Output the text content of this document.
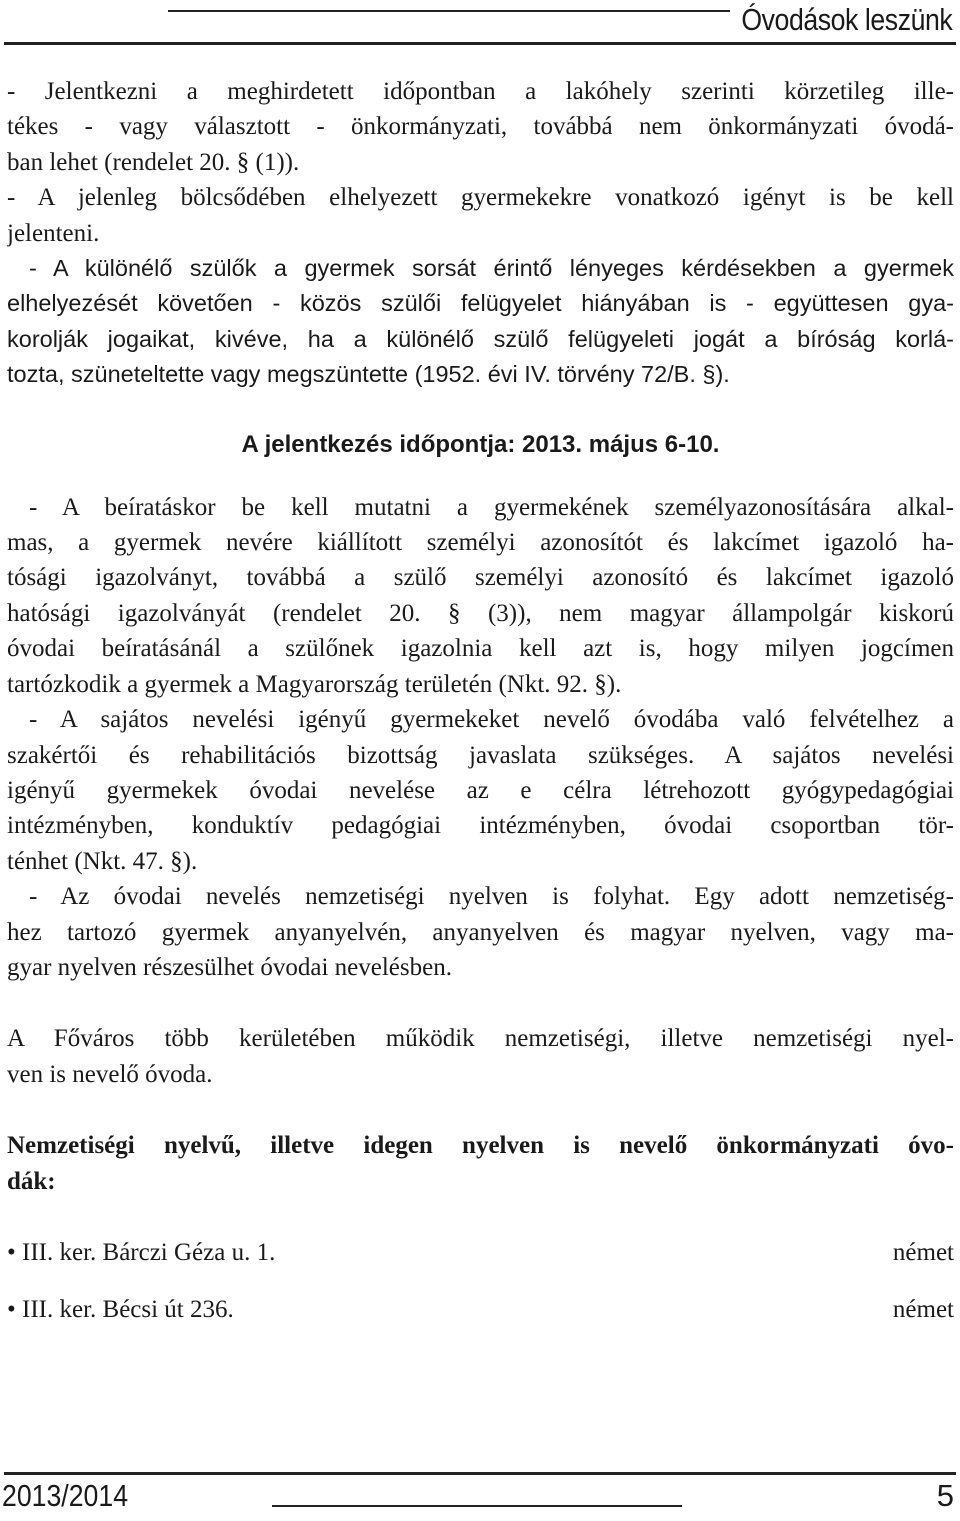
Óvodások leszünk
- Jelentkezni a meghirdetett időpontban a lakóhely szerinti körzetileg ille-
tékes - vagy választott - önkormányzati, továbbá nem önkormányzati óvodá-
ban lehet (rendelet 20. § (1)).
- A jelenleg bölcsődében elhelyezett gyermekekre vonatkozó igényt is be kell
jelenteni.
- A különélő szülők a gyermek sorsát érintő lényeges kérdésekben a gyermek
elhelyezését követően - közös szülői felügyelet hiányában is - együttesen gya-
korolják jogaikat, kivéve, ha a különélő szülő felügyeleti jogát a bíróság korlá-
tozta, szüneteltette vagy megszüntette (1952. évi IV. törvény 72/B. §).

A jelentkezés időpontja: 2013. május 6-10.

- A beíratáskor be kell mutatni a gyermekének személyazonosítására alkal-
mas, a gyermek nevére kiállított személyi azonosítót és lakcímet igazoló ha-
tósági igazolványt, továbbá a szülő személyi azonosító és lakcímet igazoló
hatósági igazolványát (rendelet 20. § (3)), nem magyar állampolgár kiskorú
óvodai beíratásánál a szülőnek igazolnia kell azt is, hogy milyen jogcímen
tartózkodik a gyermek a Magyarország területén (Nkt. 92. §).
- A sajátos nevelési igényű gyermekeket nevelő óvodába való felvételhez a
szakértői és rehabilitációs bizottság javaslata szükséges. A sajátos nevelési
igényű gyermekek óvodai nevelése az e célra létrehozott gyógypedagógiai
intézményben, konduktív pedagógiai intézményben, óvodai csoportban tör-
ténhet (Nkt. 47. §).
- Az óvodai nevelés nemzetiségi nyelven is folyhat. Egy adott nemzetiség-
hez tartozó gyermek anyanyelvén, anyanyelven és magyar nyelven, vagy ma-
gyar nyelven részesülhet óvodai nevelésben.
A Főváros több kerületében működik nemzetiségi, illetve nemzetiségi nyel-
ven is nevelő óvoda.
Nemzetiségi nyelvű, illetve idegen nyelven is nevelő önkormányzati óvo-
dák:
• III. ker. Bárczi Géza u. 1.	német
• III. ker. Bécsi út 236.	német
2013/2014	5
